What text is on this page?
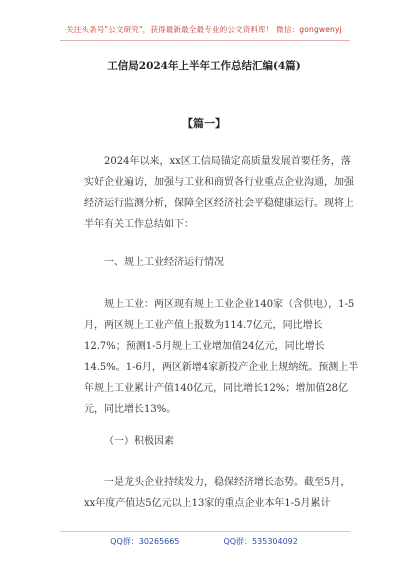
关注头条号"公文研究"，获得最新最全最专业的公文资料库！ 微信：gongwenyj
工信局2024年上半年工作总结汇编(4篇)
【篇一】

2024年以来，xx区工信局锚定高质量发展首要任务，落实好企业遍访，加强与工业和商贸各行业重点企业沟通，加强经济运行监测分析，保障全区经济社会平稳健康运行。现将上半年有关工作总结如下：

一、规上工业经济运行情况

规上工业：两区现有规上工业企业140家（含供电），1-5月，两区规上工业产值上报数为114.7亿元，同比增长12.7%；预测1-5月规上工业增加值24亿元，同比增长14.5%。1-6月，两区新增4家新投产企业上规纳统。预测上半年规上工业累计产值140亿元，同比增长12%；增加值28亿元，同比增长13%。

（一）积极因素

一是龙头企业持续发力，稳保经济增长态势。截至5月，xx年度产值达5亿元以上13家的重点企业本年1-5月累计

QQ群：30265665	QQ群：535304092
